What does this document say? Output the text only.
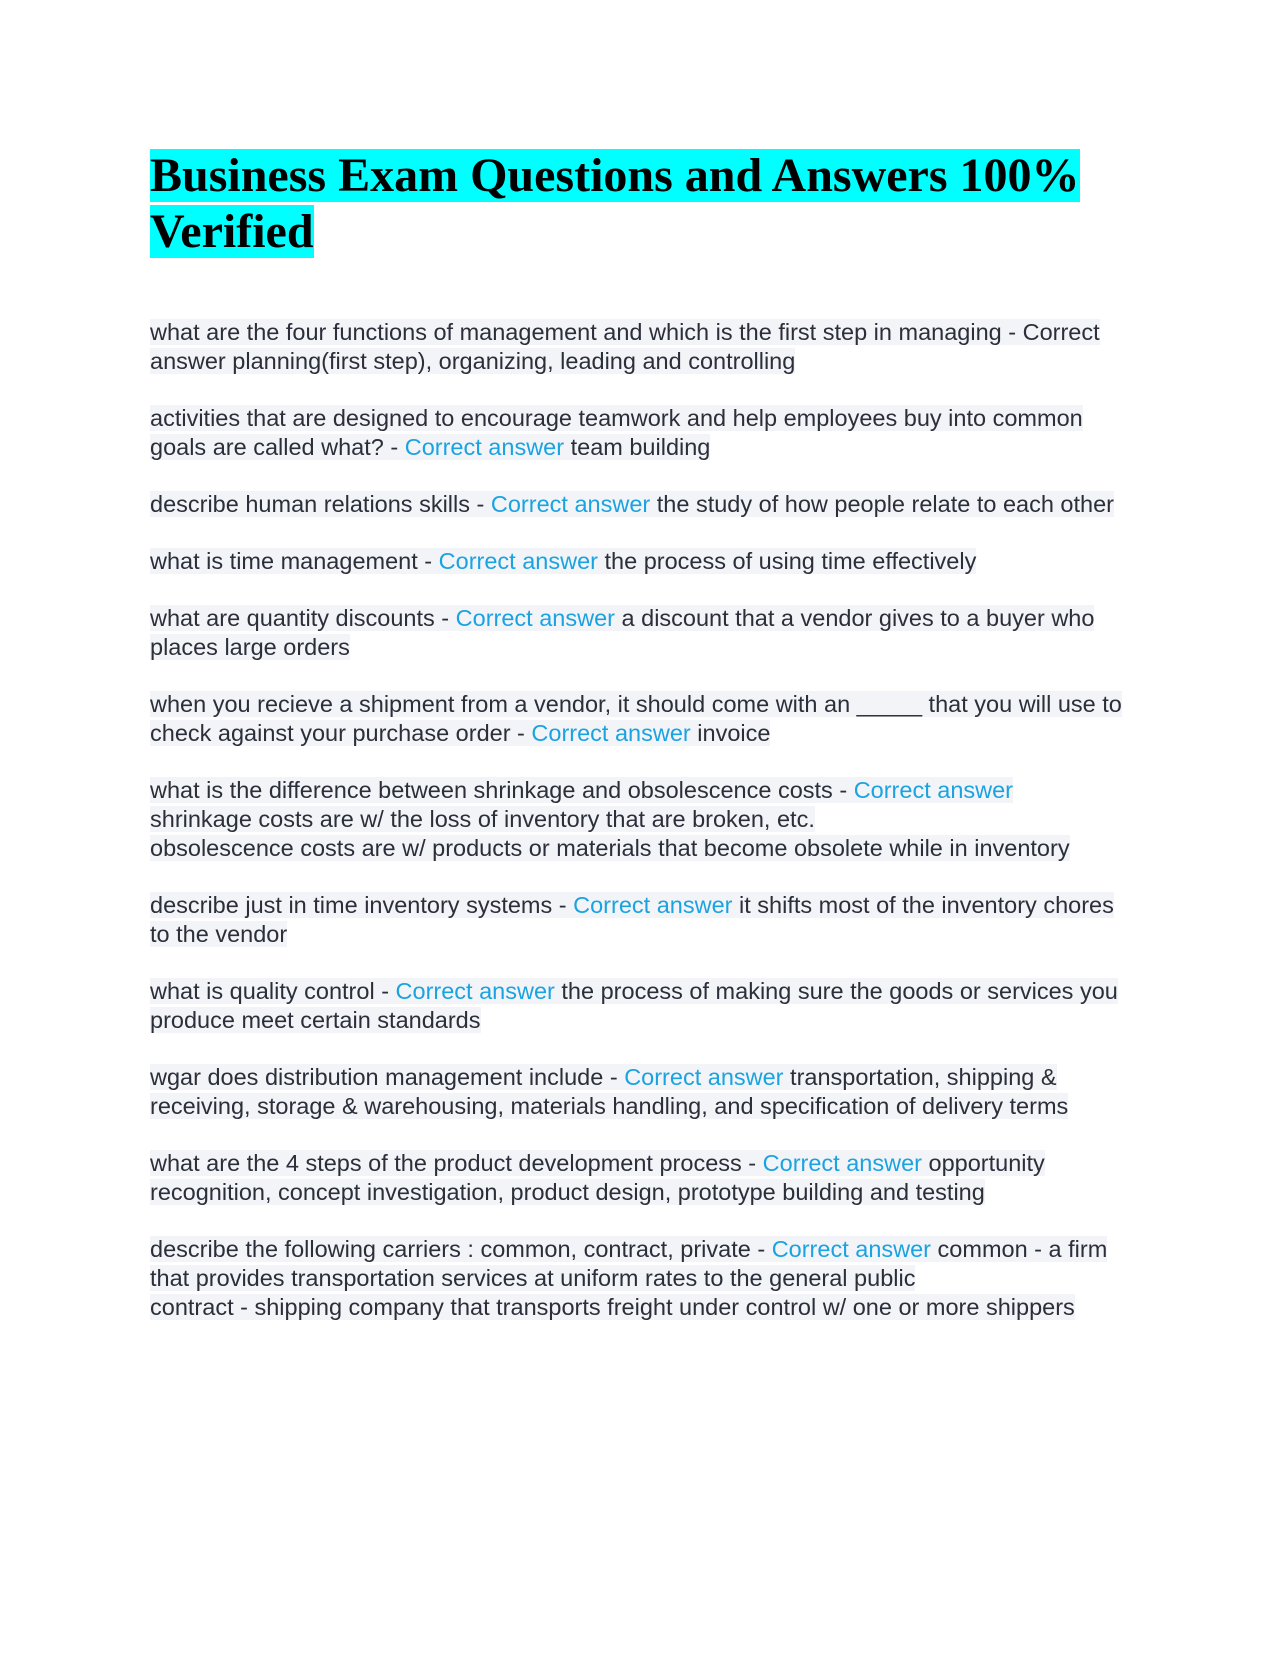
Business Exam Questions and Answers 100% Verified

what are the four functions of management and which is the first step in managing - Correct answer planning(first step), organizing, leading and controlling

activities that are designed to encourage teamwork and help employees buy into common goals are called what? - Correct answer team building

describe human relations skills - Correct answer the study of how people relate to each other

what is time management - Correct answer the process of using time effectively

what are quantity discounts - Correct answer a discount that a vendor gives to a buyer who places large orders

when you recieve a shipment from a vendor, it should come with an _____ that you will use to check against your purchase order - Correct answer invoice

what is the difference between shrinkage and obsolescence costs - Correct answer
shrinkage costs are w/ the loss of inventory that are broken, etc.
obsolescence costs are w/ products or materials that become obsolete while in inventory

describe just in time inventory systems - Correct answer it shifts most of the inventory chores to the vendor

what is quality control - Correct answer the process of making sure the goods or services you produce meet certain standards

wgar does distribution management include - Correct answer transportation, shipping & receiving, storage & warehousing, materials handling, and specification of delivery terms

what are the 4 steps of the product development process - Correct answer opportunity recognition, concept investigation, product design, prototype building and testing

describe the following carriers : common, contract, private - Correct answer common - a firm that provides transportation services at uniform rates to the general public
contract - shipping company that transports freight under control w/ one or more shippers
